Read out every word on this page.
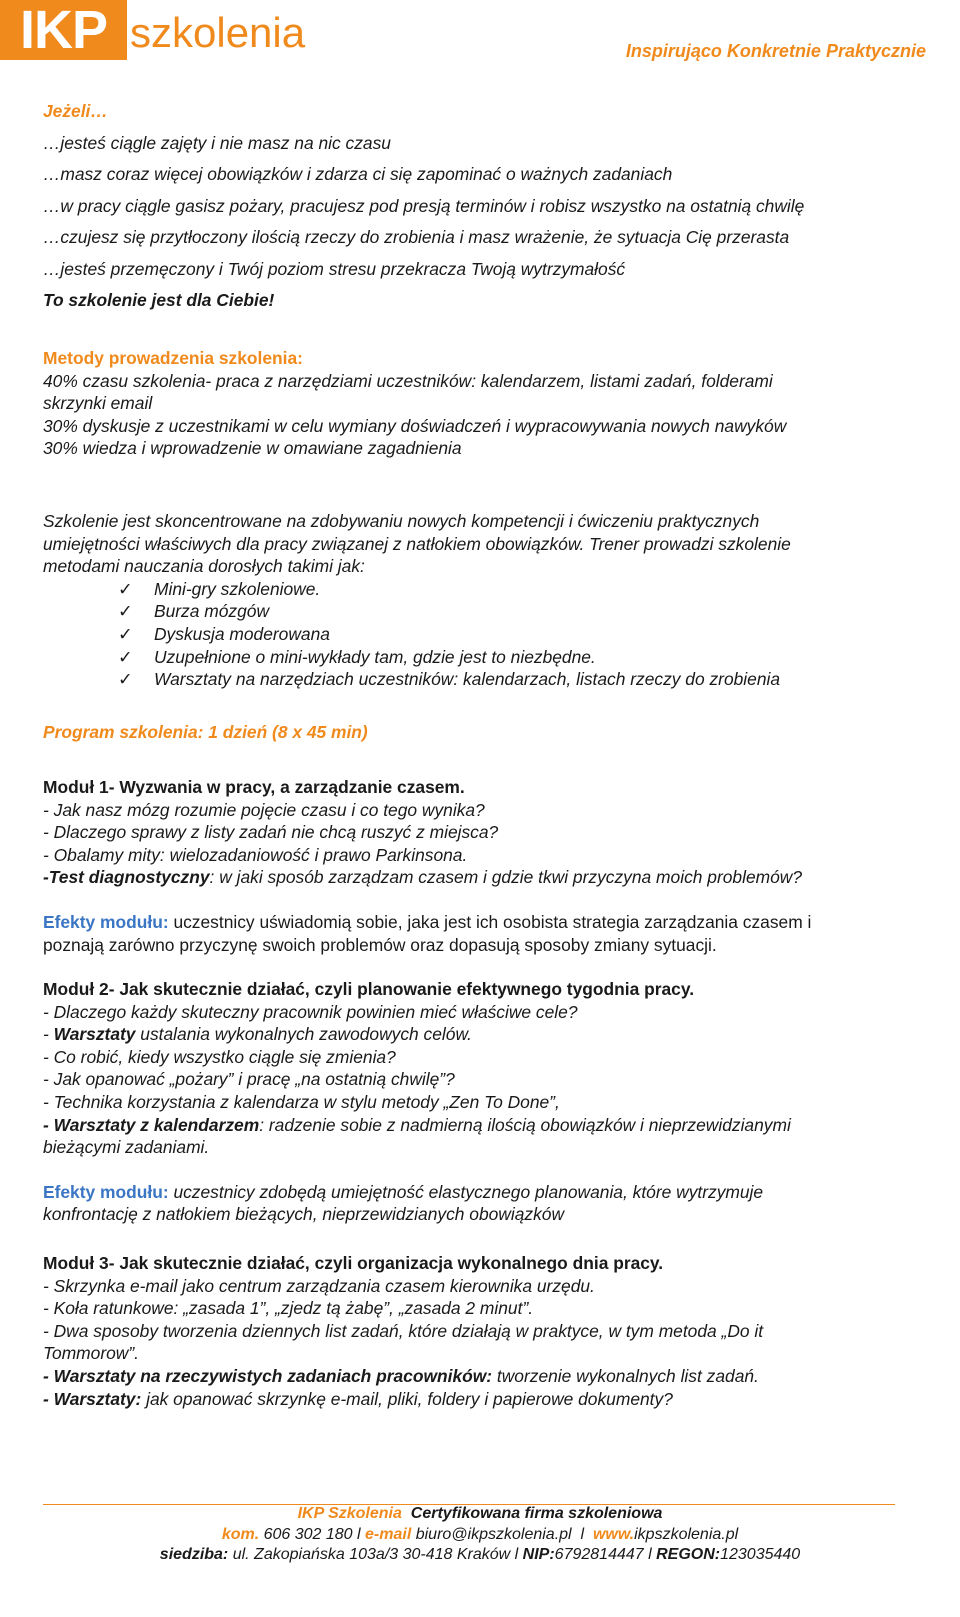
IKP szkolenia	Inspirująco Konkretnie Praktycznie
Jeżeli…
…jesteś ciągle zajęty i nie masz na nic czasu
…masz coraz więcej obowiązków i zdarza ci się zapominać o ważnych zadaniach
…w pracy ciągle gasisz pożary, pracujesz pod presją terminów i robisz wszystko na ostatnią chwilę
…czujesz się przytłoczony ilością rzeczy do zrobienia i masz wrażenie, że sytuacja Cię przerasta
…jesteś przemęczony i Twój poziom stresu przekracza Twoją wytrzymałość
To szkolenie jest dla Ciebie!
Metody prowadzenia szkolenia:
40% czasu szkolenia- praca z narzędziami uczestników: kalendarzem, listami zadań, folderami
skrzynki email
30% dyskusje z uczestnikami w celu wymiany doświadczeń i wypracowywania nowych nawyków
30% wiedza i wprowadzenie w omawiane zagadnienia
Szkolenie jest skoncentrowane na zdobywaniu nowych kompetencji i ćwiczeniu praktycznych
umiejętności właściwych dla pracy związanej z natłokiem obowiązków. Trener prowadzi szkolenie
metodami nauczania dorosłych takimi jak:
✓	Mini-gry szkoleniowe.
✓	Burza mózgów
✓	Dyskusja moderowana
✓	Uzupełnione o mini-wykłady tam, gdzie jest to niezbędne.
✓	Warsztaty na narzędziach uczestników: kalendarzach, listach rzeczy do zrobienia
Program szkolenia: 1 dzień (8 x 45 min)
Moduł 1- Wyzwania w pracy, a zarządzanie czasem.
- Jak nasz mózg rozumie pojęcie czasu i co tego wynika?
- Dlaczego sprawy z listy zadań nie chcą ruszyć z miejsca?
- Obalamy mity: wielozadaniowość i prawo Parkinsona.
-Test diagnostyczny: w jaki sposób zarządzam czasem i gdzie tkwi przyczyna moich problemów?
Efekty modułu: uczestnicy uświadomią sobie, jaka jest ich osobista strategia zarządzania czasem i
poznają zarówno przyczynę swoich problemów oraz dopasują sposoby zmiany sytuacji.
Moduł 2- Jak skutecznie działać, czyli planowanie efektywnego tygodnia pracy.
- Dlaczego każdy skuteczny pracownik powinien mieć właściwe cele?
- Warsztaty ustalania wykonalnych zawodowych celów.
- Co robić, kiedy wszystko ciągle się zmienia?
- Jak opanować „pożary” i pracę „na ostatnią chwilę”?
- Technika korzystania z kalendarza w stylu metody „Zen To Done”,
- Warsztaty z kalendarzem: radzenie sobie z nadmierną ilością obowiązków i nieprzewidzianymi
bieżącymi zadaniami.
Efekty modułu: uczestnicy zdobędą umiejętność elastycznego planowania, które wytrzymuje
konfrontację z natłokiem bieżących, nieprzewidzianych obowiązków
Moduł 3- Jak skutecznie działać, czyli organizacja wykonalnego dnia pracy.
- Skrzynka e-mail jako centrum zarządzania czasem kierownika urzędu.
- Koła ratunkowe: „zasada 1”, „zjedz tą żabę”, „zasada 2 minut”.
- Dwa sposoby tworzenia dziennych list zadań, które działają w praktyce, w tym metoda „Do it
Tommorow”.
- Warsztaty na rzeczywistych zadaniach pracowników: tworzenie wykonalnych list zadań.
- Warsztaty: jak opanować skrzynkę e-mail, pliki, foldery i papierowe dokumenty?
IKP Szkolenia  Certyfikowana firma szkoleniowa
kom. 606 302 180 l e-mail biuro@ikpszkolenia.pl  l  www.ikpszkolenia.pl
siedziba: ul. Zakopiańska 103a/3 30-418 Kraków l NIP:6792814447 l REGON:123035440
